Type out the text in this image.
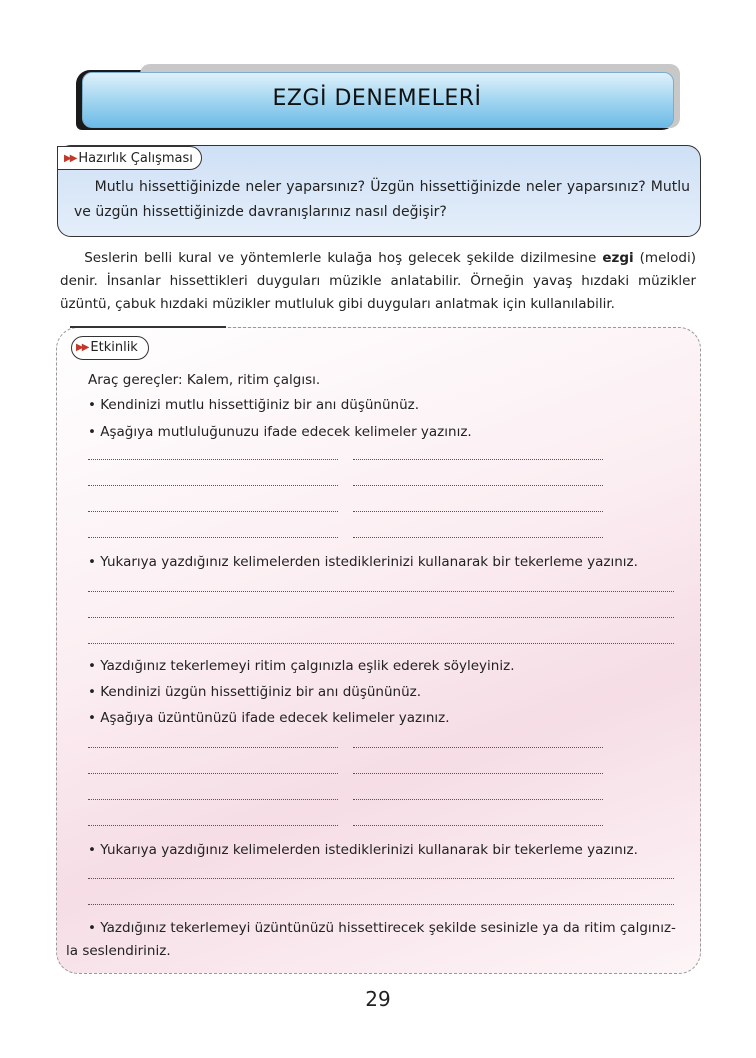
EZGİ DENEMELERİ
▶▶ Hazırlık Çalışması
Mutlu hissettiğinizde neler yaparsınız? Üzgün hissettiğinizde neler yaparsınız? Mutlu ve üzgün hissettiğinizde davranışlarınız nasıl değişir?
Seslerin belli kural ve yöntemlerle kulağa hoş gelecek şekilde dizilmesine ezgi (melodi) denir. İnsanlar hissettikleri duyguları müzikle anlatabilir. Örneğin yavaş hızdaki müzikler üzüntü, çabuk hızdaki müzikler mutluluk gibi duyguları anlatmak için kullanılabilir.
▶▶ Etkinlik
Araç gereçler: Kalem, ritim çalgısı.
• Kendinizi mutlu hissettiğiniz bir anı düşününüz.
• Aşağıya mutluluğunuzu ifade edecek kelimeler yazınız.
• Yukarıya yazdığınız kelimelerden istediklerinizi kullanarak bir tekerleme yazınız.
• Yazdığınız tekerlemeyi ritim çalgınızla eşlik ederek söyleyiniz.
• Kendinizi üzgün hissettiğiniz bir anı düşününüz.
• Aşağıya üzüntünüzü ifade edecek kelimeler yazınız.
• Yukarıya yazdığınız kelimelerden istediklerinizi kullanarak bir tekerleme yazınız.
• Yazdığınız tekerlemeyi üzüntünüzü hissettirecek şekilde sesinizle ya da ritim çalgınız-
la seslendiriniz.
29
